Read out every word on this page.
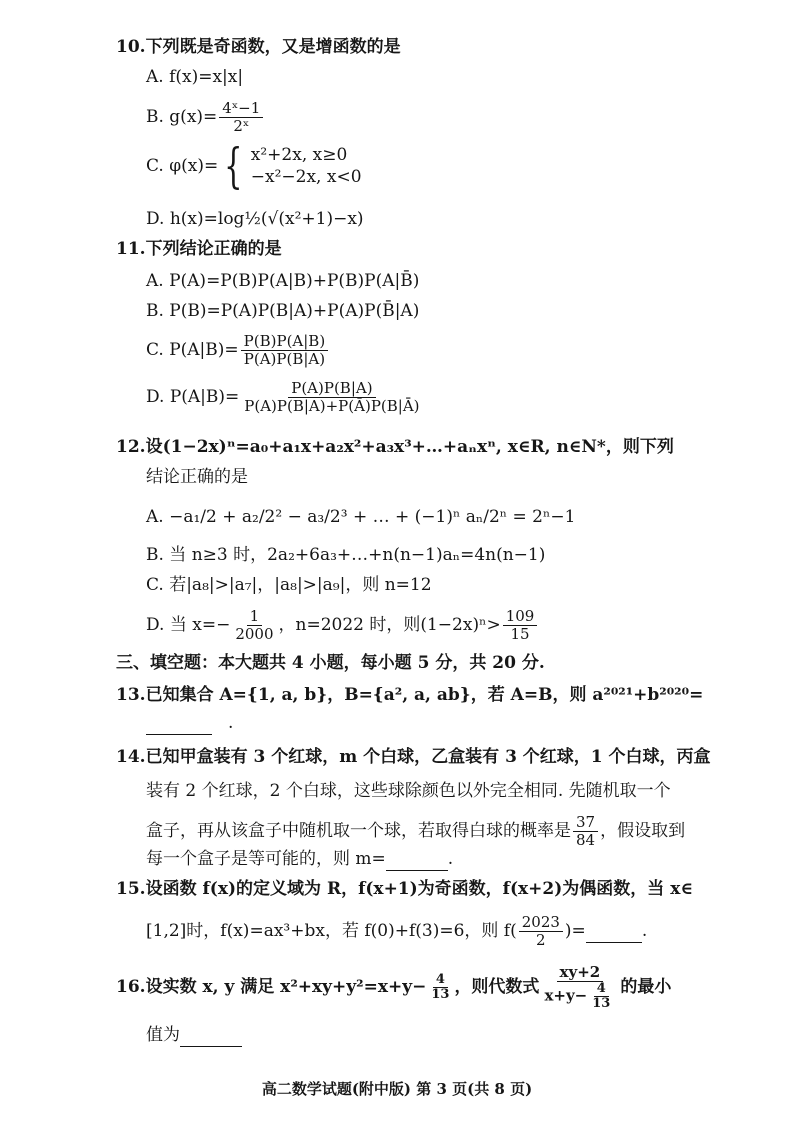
10.下列既是奇函数，又是增函数的是
A. f(x)=x|x|
B. $g(x)= \frac{\text{4ˣ−1}}{\text{2ˣ}}$
C. φ(x)= { x²+2x, x≥0
−x²−2x, x<0
D. h(x)=log½(√(x²+1)−x)
11.下列结论正确的是
A. P(A)=P(B)P(A|B)+P(B)P(A|B̄)
B. P(B)=P(A)P(B|A)+P(A)P(B̄|A)
C. $P(A|B)= \frac{P(B)P(A|B)}{P(A)P(B|A)}$
D. $P(A|B)= \frac{P(A)P(B|A)}{P(A)P(B|A)+P(Ā)P(B|Ā)}$
12.设(1−2x)ⁿ=a₀+a₁x+a₂x²+a₃x³+…+aₙxⁿ, x∈R, n∈N*，则下列
结论正确的是
A. −a₁/2 + a₂/2² − a₃/2³ + … + (−1)ⁿ aₙ/2ⁿ = 2ⁿ−1
B. 当 n≥3 时，2a₂+6a₃+…+n(n−1)aₙ=4n(n−1)
C. 若|a₈|>|a₇|，|a₈|>|a₉|，则 n=12
D. 当 $x=- \frac{1}{2000}$ ，n=2022 时，则$(1-2x)^n> \frac{109}{15}$
三、填空题：本大题共 4 小题，每小题 5 分，共 20 分.
13.已知集合 A={1, a, b}，B={a², a, ab}，若 A=B，则 a²⁰²¹+b²⁰²⁰=
.
14.已知甲盒装有 3 个红球，m 个白球，乙盒装有 3 个红球，1 个白球，丙盒
装有 2 个红球，2 个白球，这些球除颜色以外完全相同. 先随机取一个
盒子，再从该盒子中随机取一个球，若取得白球的概率是 $\frac{37}{84}$ ，假设取到
每一个盒子是等可能的，则 m=	.
15.设函数 f(x)的定义域为 R，f(x+1)为奇函数，f(x+2)为偶函数，当 x∈
[1,2]时，f(x)=ax³+bx，若 f(0)+f(3)=6，则 $f( \frac{2023}{2}$ )=	.
16.设实数 x, y 满足 $x^2+xy+y^2=x+y- \frac{4}{13}$ ，则代数式 $\frac{xy+2}{x+y- \frac{4}{13}}$ 的最小
值为
高二数学试题(附中版) 第 3 页(共 8 页)
